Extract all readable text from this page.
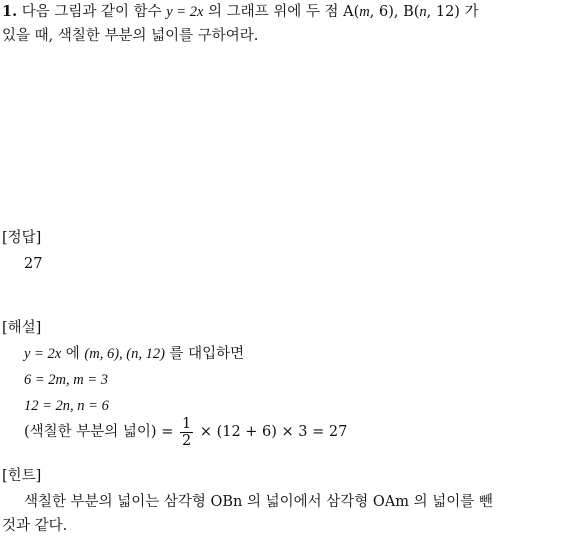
1. 다음 그림과 같이 함수 y = 2x 의 그래프 위에 두 점 A(m, 6), B(n, 12) 가
있을 때, 색칠한 부분의 넓이를 구하여라.
[정답]
27
[해설]
y = 2x 에 (m, 6), (n, 12) 를 대입하면
6 = 2m, m = 3
12 = 2n, n = 6
(색칠한 부분의 넓이) = $\frac{1}{2} \times (12 + 6) \times 3 = 27$
[힌트]
색칠한 부분의 넓이는 삼각형 OBn 의 넓이에서 삼각형 OAm 의 넓이를 뺀
것과 같다.
